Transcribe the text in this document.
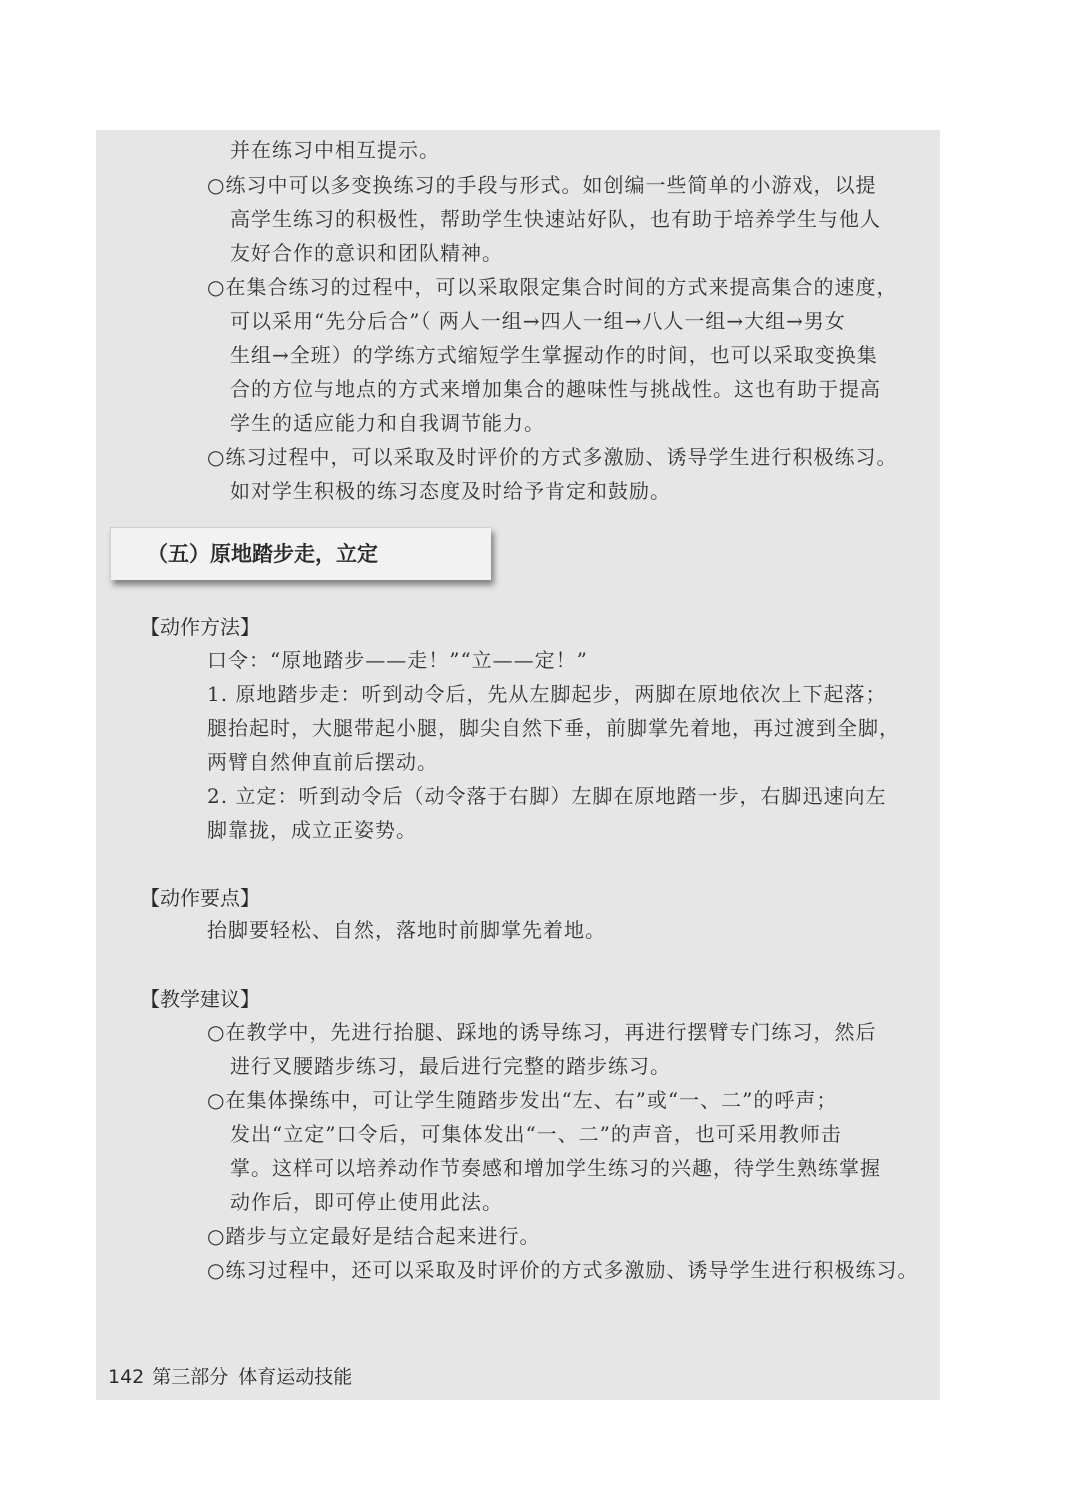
并在练习中相互提示。
○练习中可以多变换练习的手段与形式。如创编一些简单的小游戏，以提
高学生练习的积极性，帮助学生快速站好队，也有助于培养学生与他人
友好合作的意识和团队精神。
○在集合练习的过程中，可以采取限定集合时间的方式来提高集合的速度，
可以采用“先分后合”（ 两人一组→四人一组→八人一组→大组→男女
生组→全班）的学练方式缩短学生掌握动作的时间，也可以采取变换集
合的方位与地点的方式来增加集合的趣味性与挑战性。这也有助于提高
学生的适应能力和自我调节能力。
○练习过程中，可以采取及时评价的方式多激励、诱导学生进行积极练习。
如对学生积极的练习态度及时给予肯定和鼓励。
（五）原地踏步走，立定
【动作方法】
口令：“原地踏步——走！”“立——定！”
1. 原地踏步走：听到动令后，先从左脚起步，两脚在原地依次上下起落；
腿抬起时，大腿带起小腿，脚尖自然下垂，前脚掌先着地，再过渡到全脚，
两臂自然伸直前后摆动。
2. 立定：听到动令后（动令落于右脚）左脚在原地踏一步，右脚迅速向左
脚靠拢，成立正姿势。
【动作要点】
抬脚要轻松、自然，落地时前脚掌先着地。
【教学建议】
○在教学中，先进行抬腿、踩地的诱导练习，再进行摆臂专门练习，然后
进行叉腰踏步练习，最后进行完整的踏步练习。
○在集体操练中，可让学生随踏步发出“左、右”或“一、二”的呼声；
发出“立定”口令后，可集体发出“一、二”的声音，也可采用教师击
掌。这样可以培养动作节奏感和增加学生练习的兴趣，待学生熟练掌握
动作后，即可停止使用此法。
○踏步与立定最好是结合起来进行。
○练习过程中，还可以采取及时评价的方式多激励、诱导学生进行积极练习。
142 第三部分 体育运动技能
